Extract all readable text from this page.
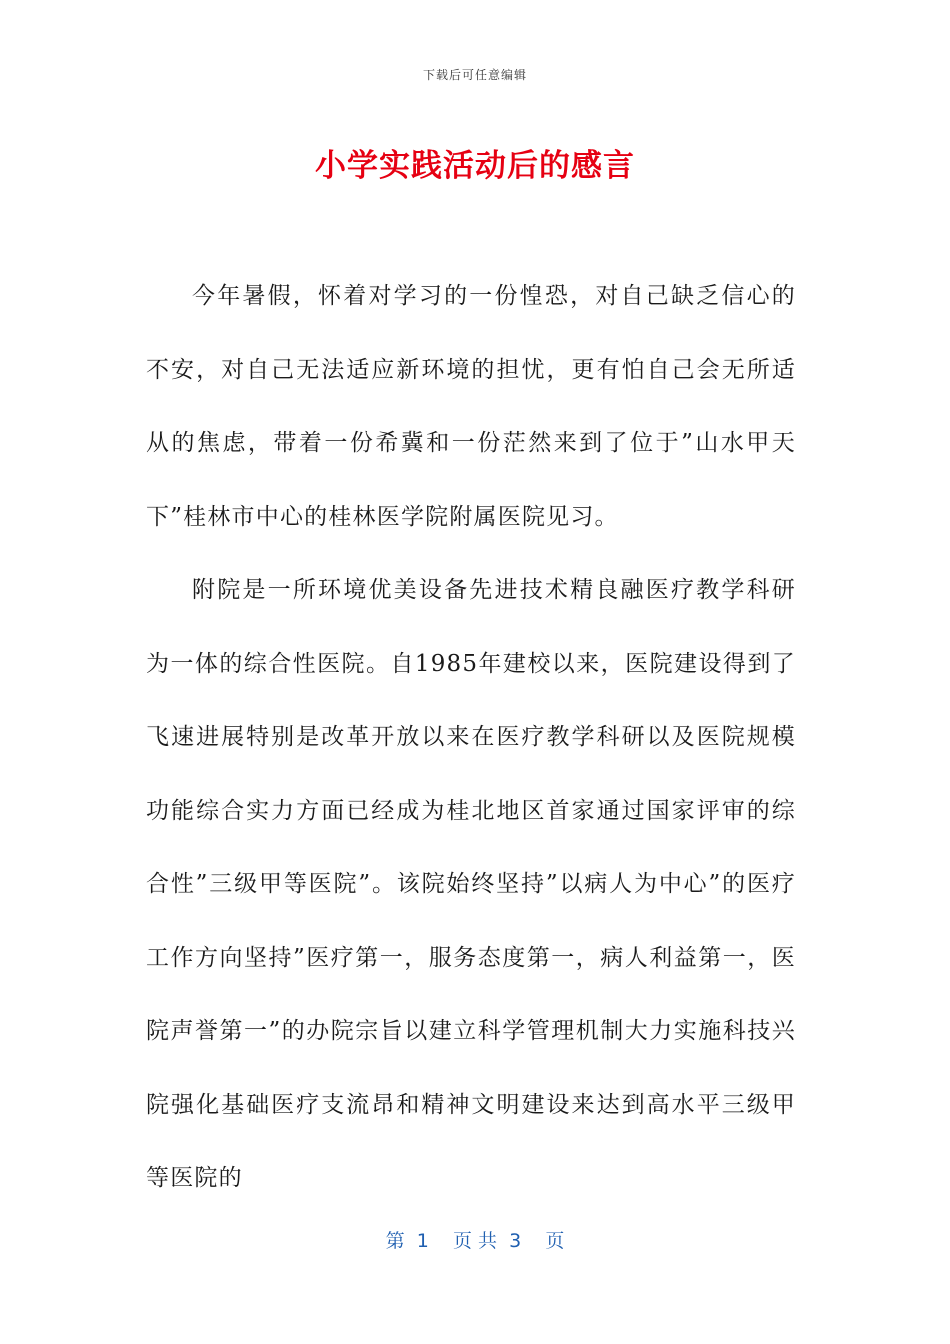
下载后可任意编辑
小学实践活动后的感言

今年暑假，怀着对学习的一份惶恐，对自己缺乏信心的不安，对自己无法适应新环境的担忧，更有怕自己会无所适从的焦虑，带着一份希冀和一份茫然来到了位于”山水甲天下”桂林市中心的桂林医学院附属医院见习。

附院是一所环境优美设备先进技术精良融医疗教学科研为一体的综合性医院。自1985年建校以来，医院建设得到了飞速进展特别是改革开放以来在医疗教学科研以及医院规模功能综合实力方面已经成为桂北地区首家通过国家评审的综合性”三级甲等医院”。该院始终坚持”以病人为中心”的医疗工作方向坚持”医疗第一，服务态度第一，病人利益第一，医院声誉第一”的办院宗旨以建立科学管理机制大力实施科技兴院强化基础医疗支流昂和精神文明建设来达到高水平三级甲等医院的

第  1    页 共  3    页
